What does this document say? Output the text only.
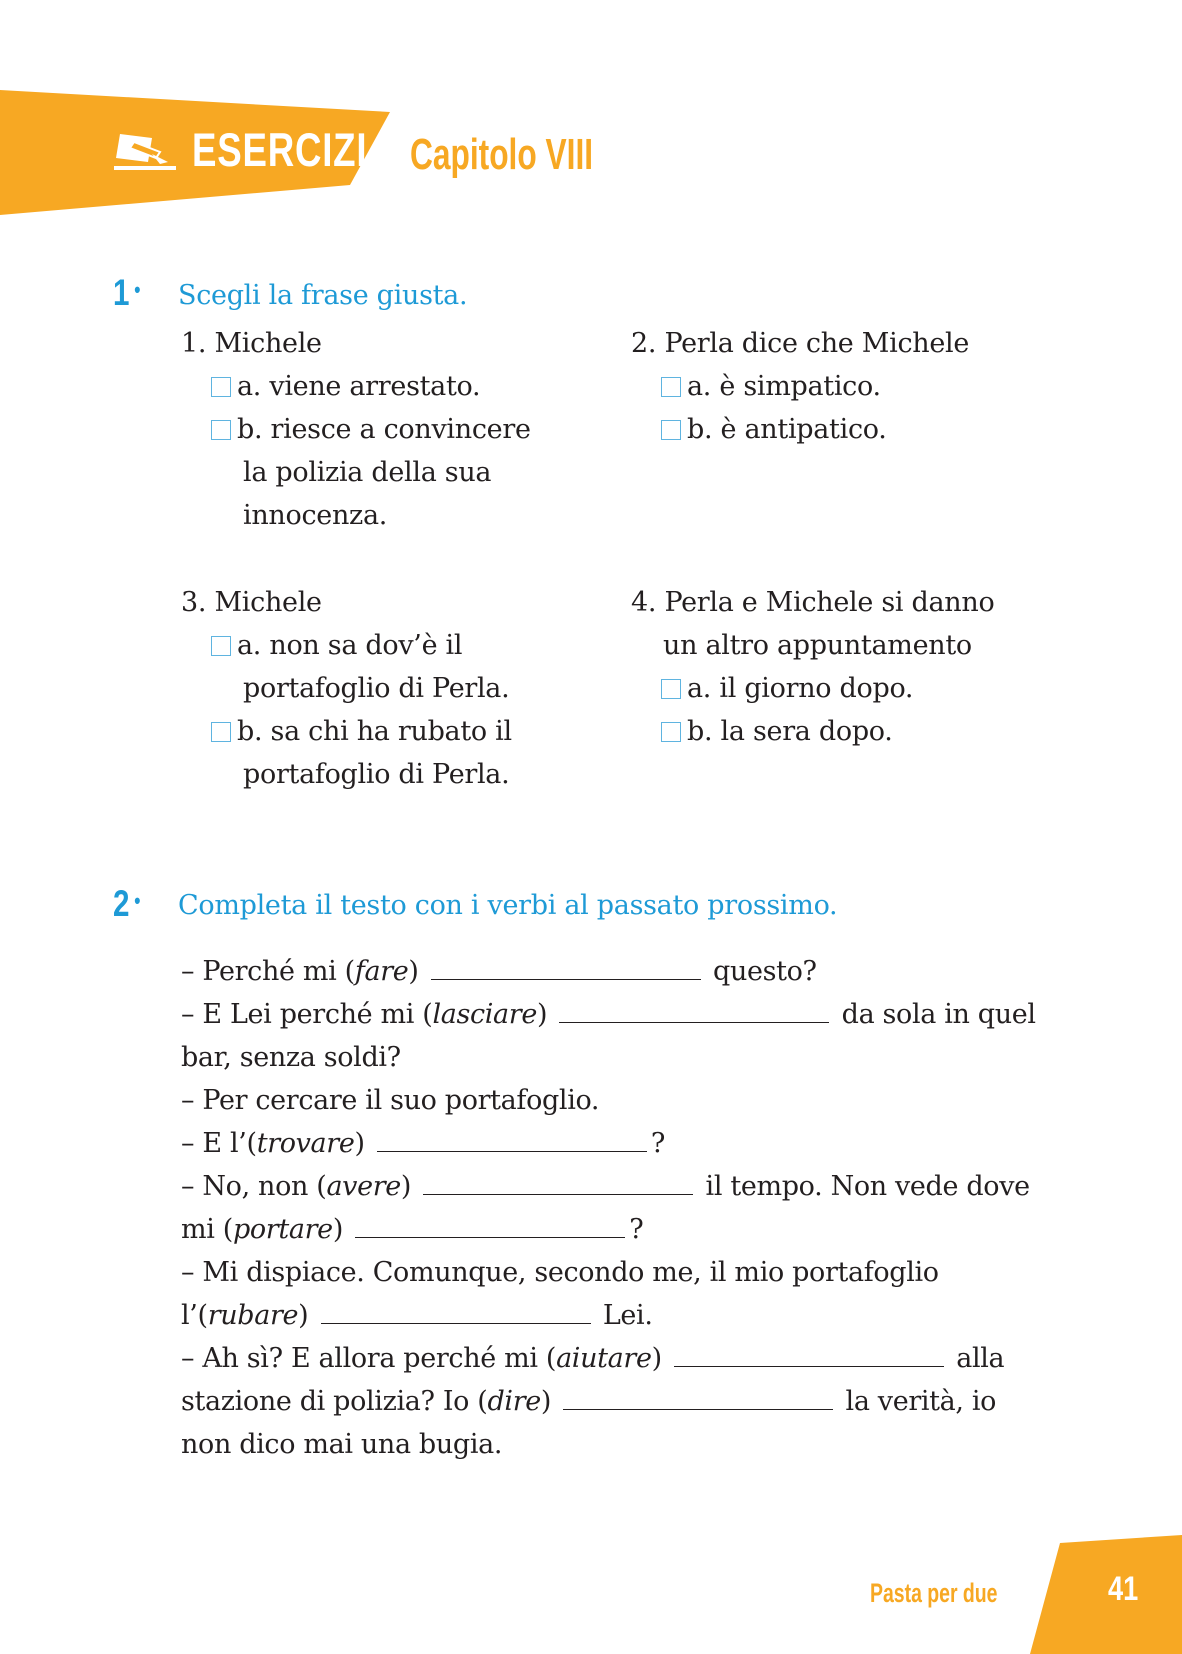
ESERCIZI Capitolo VIII
1 • Scegli la frase giusta.
1. Michele
a. viene arrestato.
b. riesce a convincere
la polizia della sua
innocenza.
2. Perla dice che Michele
a. è simpatico.
b. è antipatico.
3. Michele
a. non sa dov’è il
portafoglio di Perla.
b. sa chi ha rubato il
portafoglio di Perla.
4. Perla e Michele si danno
un altro appuntamento
a. il giorno dopo.
b. la sera dopo.
2 • Completa il testo con i verbi al passato prossimo.
– Perché mi (fare)	questo?
– E Lei perché mi (lasciare)	da sola in quel
bar, senza soldi?
– Per cercare il suo portafoglio.
– E l’(trovare)	?
– No, non (avere)	il tempo. Non vede dove
mi (portare)	?
– Mi dispiace. Comunque, secondo me, il mio portafoglio
l’(rubare)	Lei.
– Ah sì? E allora perché mi (aiutare)	alla
stazione di polizia? Io (dire)	la verità, io
non dico mai una bugia.
Pasta per due	41
